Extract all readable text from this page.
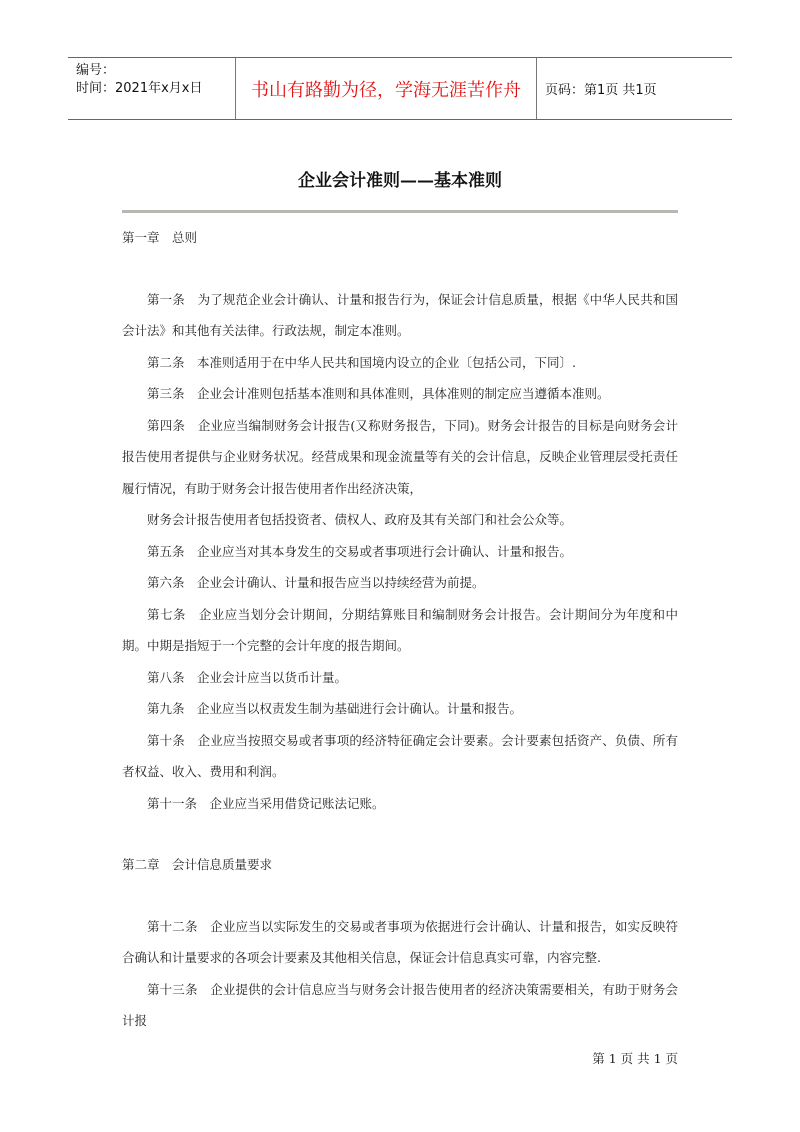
编号：
时间：2021年x月x日	书山有路勤为径，学海无涯苦作舟	页码：第1页 共1页
企业会计准则——基本准则

第一章　总则

第一条　为了规范企业会计确认、计量和报告行为，保证会计信息质量，根据《中华人民共和国会计法》和其他有关法律。行政法规，制定本准则。

第二条　本准则适用于在中华人民共和国境内设立的企业〔包括公司，下同〕.

第三条　企业会计准则包括基本准则和具体准则，具体准则的制定应当遵循本准则。

第四条　企业应当编制财务会计报告(又称财务报告，下同)。财务会计报告的目标是向财务会计报告使用者提供与企业财务状况。经营成果和现金流量等有关的会计信息，反映企业管理层受托责任履行情况，有助于财务会计报告使用者作出经济决策，

财务会计报告使用者包括投资者、债权人、政府及其有关部门和社会公众等。

第五条　企业应当对其本身发生的交易或者事项进行会计确认、计量和报告。

第六条　企业会计确认、计量和报告应当以持续经营为前提。

第七条　企业应当划分会计期间，分期结算账目和编制财务会计报告。会计期间分为年度和中期。中期是指短于一个完整的会计年度的报告期间。

第八条　企业会计应当以货币计量。

第九条　企业应当以权责发生制为基础进行会计确认。计量和报告。

第十条　企业应当按照交易或者事项的经济特征确定会计要素。会计要素包括资产、负债、所有者权益、收入、费用和利润。

第十一条　企业应当采用借贷记账法记账。

第二章　会计信息质量要求

第十二条　企业应当以实际发生的交易或者事项为依据进行会计确认、计量和报告，如实反映符合确认和计量要求的各项会计要素及其他相关信息，保证会计信息真实可靠，内容完整.

第十三条　企业提供的会计信息应当与财务会计报告使用者的经济决策需要相关，有助于财务会计报

第 1 页 共 1 页
